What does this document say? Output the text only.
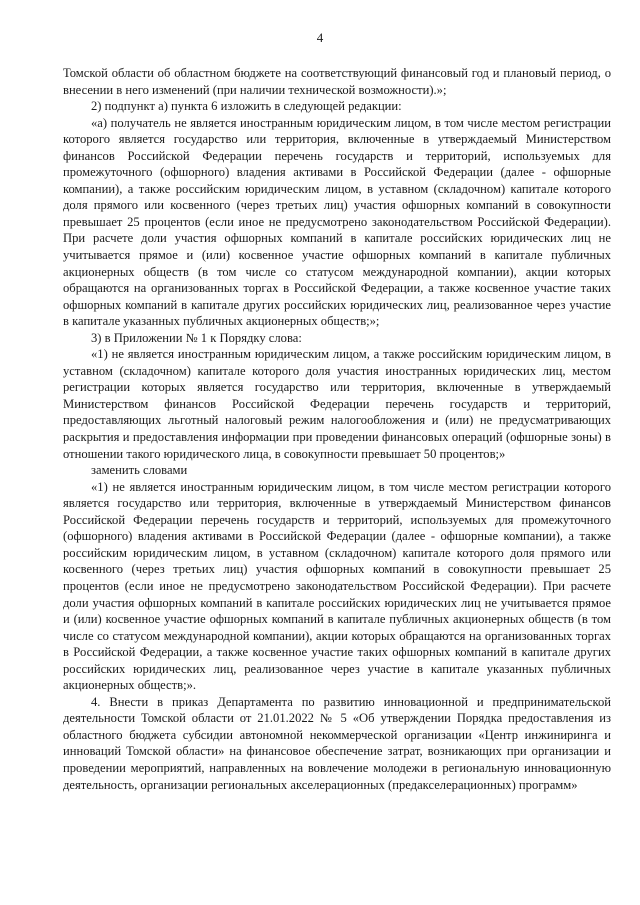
4

Томской области об областном бюджете на соответствующий финансовый год и плановый период, о внесении в него изменений (при наличии технической возможности).»;

2) подпункт а) пункта 6 изложить в следующей редакции:

«а) получатель не является иностранным юридическим лицом, в том числе местом регистрации которого является государство или территория, включенные в утверждаемый Министерством финансов Российской Федерации перечень государств и территорий, используемых для промежуточного (офшорного) владения активами в Российской Федерации (далее - офшорные компании), а также российским юридическим лицом, в уставном (складочном) капитале которого доля прямого или косвенного (через третьих лиц) участия офшорных компаний в совокупности превышает 25 процентов (если иное не предусмотрено законодательством Российской Федерации). При расчете доли участия офшорных компаний в капитале российских юридических лиц не учитывается прямое и (или) косвенное участие офшорных компаний в капитале публичных акционерных обществ (в том числе со статусом международной компании), акции которых обращаются на организованных торгах в Российской Федерации, а также косвенное участие таких офшорных компаний в капитале других российских юридических лиц, реализованное через участие в капитале указанных публичных акционерных обществ;»;

3) в Приложении № 1 к Порядку слова:

«1) не является иностранным юридическим лицом, а также российским юридическим лицом, в уставном (складочном) капитале которого доля участия иностранных юридических лиц, местом регистрации которых является государство или территория, включенные в утверждаемый Министерством финансов Российской Федерации перечень государств и территорий, предоставляющих льготный налоговый режим налогообложения и (или) не предусматривающих раскрытия и предоставления информации при проведении финансовых операций (офшорные зоны) в отношении такого юридического лица, в совокупности превышает 50 процентов;»

заменить словами

«1) не является иностранным юридическим лицом, в том числе местом регистрации которого является государство или территория, включенные в утверждаемый Министерством финансов Российской Федерации перечень государств и территорий, используемых для промежуточного (офшорного) владения активами в Российской Федерации (далее - офшорные компании), а также российским юридическим лицом, в уставном (складочном) капитале которого доля прямого или косвенного (через третьих лиц) участия офшорных компаний в совокупности превышает 25 процентов (если иное не предусмотрено законодательством Российской Федерации). При расчете доли участия офшорных компаний в капитале российских юридических лиц не учитывается прямое и (или) косвенное участие офшорных компаний в капитале публичных акционерных обществ (в том числе со статусом международной компании), акции которых обращаются на организованных торгах в Российской Федерации, а также косвенное участие таких офшорных компаний в капитале других российских юридических лиц, реализованное через участие в капитале указанных публичных акционерных обществ;».

4. Внести в приказ Департамента по развитию инновационной и предпринимательской деятельности Томской области от 21.01.2022 № 5 «Об утверждении Порядка предоставления из областного бюджета субсидии автономной некоммерческой организации «Центр инжиниринга и инноваций Томской области» на финансовое обеспечение затрат, возникающих при организации и проведении мероприятий, направленных на вовлечение молодежи в региональную инновационную деятельность, организации региональных акселерационных (предакселерационных) программ»
